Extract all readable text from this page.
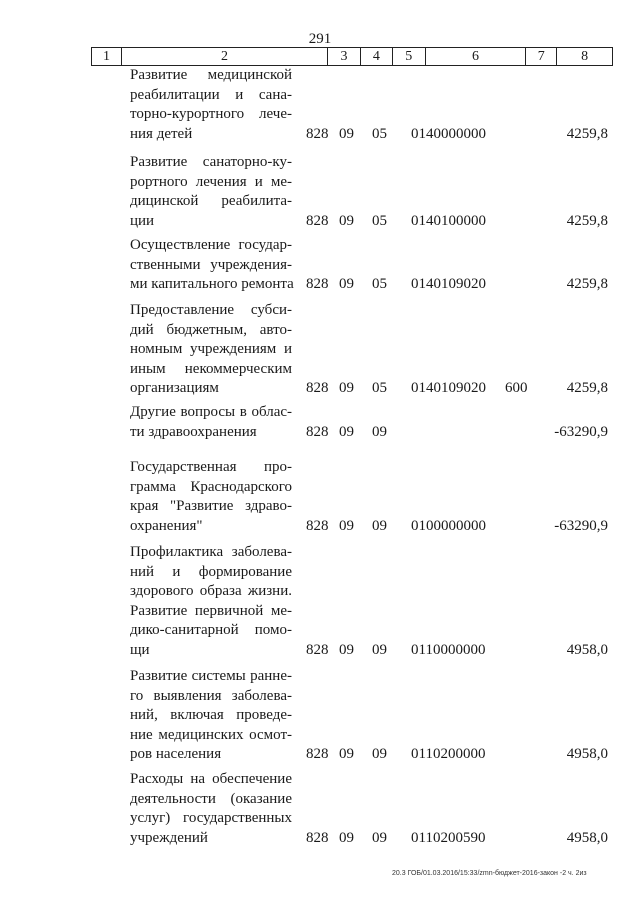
291
1	2	3	4	5	6	7	8
Развитие медицинской
реабилитации и сана-
торно-курортного лече-
ния детей	828 09 05 0140000000	4259,8
Развитие санаторно-ку-
рортного лечения и ме-
дицинской реабилита-
ции	828 09 05 0140100000	4259,8
Осуществление государ-
ственными учреждения-
ми капитального ремонта 828 09 05 0140109020	4259,8
Предоставление субси-
дий бюджетным, авто-
номным учреждениям и
иным некоммерческим
организациям	828 09 05 0140109020 600	4259,8
Другие вопросы в облас-
ти здравоохранения	828 09 09	-63290,9
Государственная про-
грамма Краснодарского
края "Развитие здраво-
охранения"	828 09 09 0100000000	-63290,9
Профилактика заболева-
ний и формирование
здорового образа жизни.
Развитие первичной ме-
дико-санитарной помо-
щи	828 09 09 0110000000	4958,0
Развитие системы ранне-
го выявления заболева-
ний, включая проведе-
ние медицинских осмот-
ров населения	828 09 09 0110200000	4958,0
Расходы на обеспечение
деятельности (оказание
услуг) государственных
учреждений	828 09 09 0110200590	4958,0
20.3 ГОБ/01.03.2016/15:33/zmn-бюджет-2016-закон -2 ч. 2из
